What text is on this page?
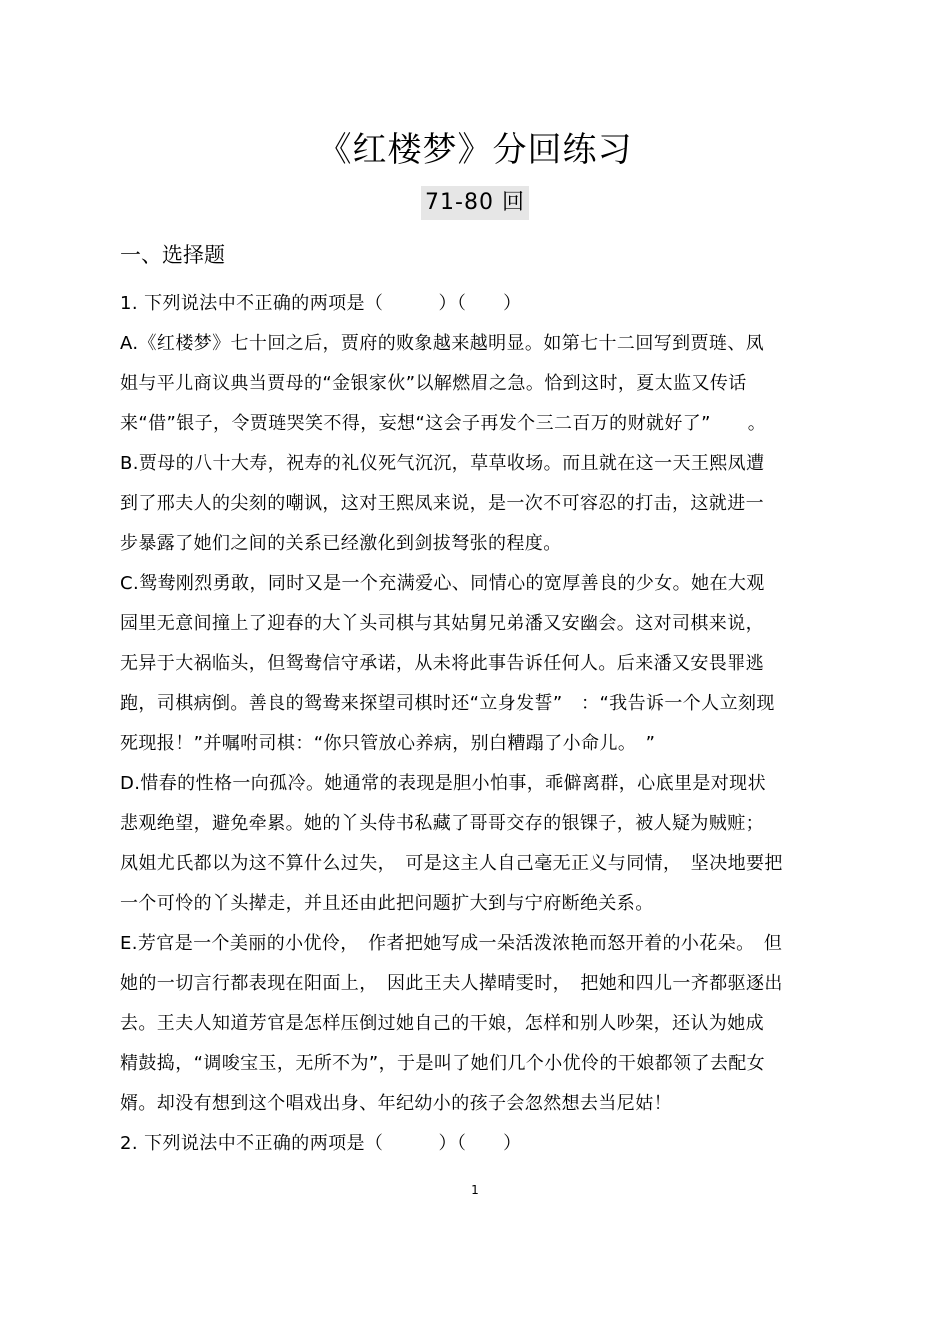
《红楼梦》分回练习
71-80 回
一、选择题
1. 下列说法中不正确的两项是（　　　）（　　）
A.《红楼梦》七十回之后，贾府的败象越来越明显。如第七十二回写到贾琏、凤
姐与平儿商议典当贾母的“金银家伙”以解燃眉之急。恰到这时，夏太监又传话
来“借”银子，令贾琏哭笑不得，妄想“这会子再发个三二百万的财就好了”　　。
B.贾母的八十大寿，祝寿的礼仪死气沉沉，草草收场。而且就在这一天王熙凤遭
到了邢夫人的尖刻的嘲讽，这对王熙凤来说，是一次不可容忍的打击，这就进一
步暴露了她们之间的关系已经激化到剑拔弩张的程度。
C.鸳鸯刚烈勇敢，同时又是一个充满爱心、同情心的宽厚善良的少女。她在大观
园里无意间撞上了迎春的大丫头司棋与其姑舅兄弟潘又安幽会。这对司棋来说，
无异于大祸临头，但鸳鸯信守承诺，从未将此事告诉任何人。后来潘又安畏罪逃
跑，司棋病倒。善良的鸳鸯来探望司棋时还“立身发誓”　：“我告诉一个人立刻现
死现报！”并嘱咐司棋：“你只管放心养病，别白糟蹋了小命儿。　”
D.惜春的性格一向孤冷。她通常的表现是胆小怕事，乖僻离群，心底里是对现状
悲观绝望，避免牵累。她的丫头侍书私藏了哥哥交存的银锞子，被人疑为贼赃；
凤姐尤氏都以为这不算什么过失，　可是这主人自己毫无正义与同情，　坚决地要把
一个可怜的丫头撵走，并且还由此把问题扩大到与宁府断绝关系。
E.芳官是一个美丽的小优伶，　作者把她写成一朵活泼浓艳而怒开着的小花朵。　但
她的一切言行都表现在阳面上，　因此王夫人撵晴雯时，　把她和四儿一齐都驱逐出
去。王夫人知道芳官是怎样压倒过她自己的干娘，怎样和别人吵架，还认为她成
精鼓捣，“调唆宝玉，无所不为”，于是叫了她们几个小优伶的干娘都领了去配女
婿。却没有想到这个唱戏出身、年纪幼小的孩子会忽然想去当尼姑！
2. 下列说法中不正确的两项是（　　　）（　　）
1
